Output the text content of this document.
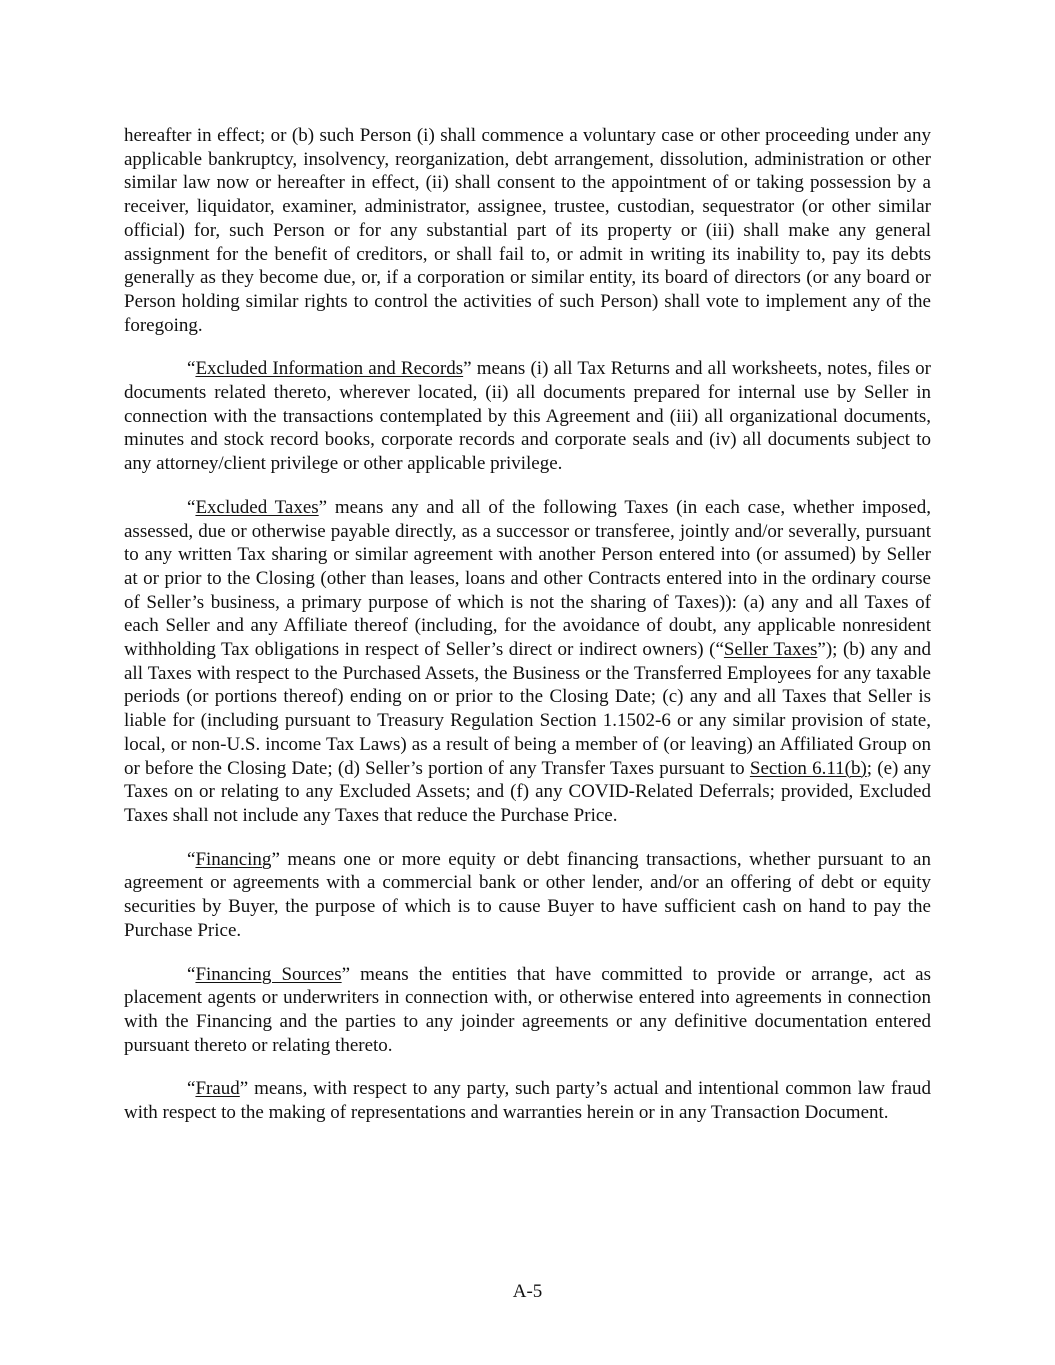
hereafter in effect; or (b) such Person (i) shall commence a voluntary case or other proceeding under any applicable bankruptcy, insolvency, reorganization, debt arrangement, dissolution, administration or other similar law now or hereafter in effect, (ii) shall consent to the appointment of or taking possession by a receiver, liquidator, examiner, administrator, assignee, trustee, custodian, sequestrator (or other similar official) for, such Person or for any substantial part of its property or (iii) shall make any general assignment for the benefit of creditors, or shall fail to, or admit in writing its inability to, pay its debts generally as they become due, or, if a corporation or similar entity, its board of directors (or any board or Person holding similar rights to control the activities of such Person) shall vote to implement any of the foregoing.

“Excluded Information and Records” means (i) all Tax Returns and all worksheets, notes, files or documents related thereto, wherever located, (ii) all documents prepared for internal use by Seller in connection with the transactions contemplated by this Agreement and (iii) all organizational documents, minutes and stock record books, corporate records and corporate seals and (iv) all documents subject to any attorney/client privilege or other applicable privilege.

“Excluded Taxes” means any and all of the following Taxes (in each case, whether imposed, assessed, due or otherwise payable directly, as a successor or transferee, jointly and/or severally, pursuant to any written Tax sharing or similar agreement with another Person entered into (or assumed) by Seller at or prior to the Closing (other than leases, loans and other Contracts entered into in the ordinary course of Seller’s business, a primary purpose of which is not the sharing of Taxes)): (a) any and all Taxes of each Seller and any Affiliate thereof (including, for the avoidance of doubt, any applicable nonresident withholding Tax obligations in respect of Seller’s direct or indirect owners) (“Seller Taxes”); (b) any and all Taxes with respect to the Purchased Assets, the Business or the Transferred Employees for any taxable periods (or portions thereof) ending on or prior to the Closing Date; (c) any and all Taxes that Seller is liable for (including pursuant to Treasury Regulation Section 1.1502-6 or any similar provision of state, local, or non-U.S. income Tax Laws) as a result of being a member of (or leaving) an Affiliated Group on or before the Closing Date; (d) Seller’s portion of any Transfer Taxes pursuant to Section 6.11(b); (e) any Taxes on or relating to any Excluded Assets; and (f) any COVID-Related Deferrals; provided, Excluded Taxes shall not include any Taxes that reduce the Purchase Price.

“Financing” means one or more equity or debt financing transactions, whether pursuant to an agreement or agreements with a commercial bank or other lender, and/or an offering of debt or equity securities by Buyer, the purpose of which is to cause Buyer to have sufficient cash on hand to pay the Purchase Price.

“Financing Sources” means the entities that have committed to provide or arrange, act as placement agents or underwriters in connection with, or otherwise entered into agreements in connection with the Financing and the parties to any joinder agreements or any definitive documentation entered pursuant thereto or relating thereto.

“Fraud” means, with respect to any party, such party’s actual and intentional common law fraud with respect to the making of representations and warranties herein or in any Transaction Document.

A-5
